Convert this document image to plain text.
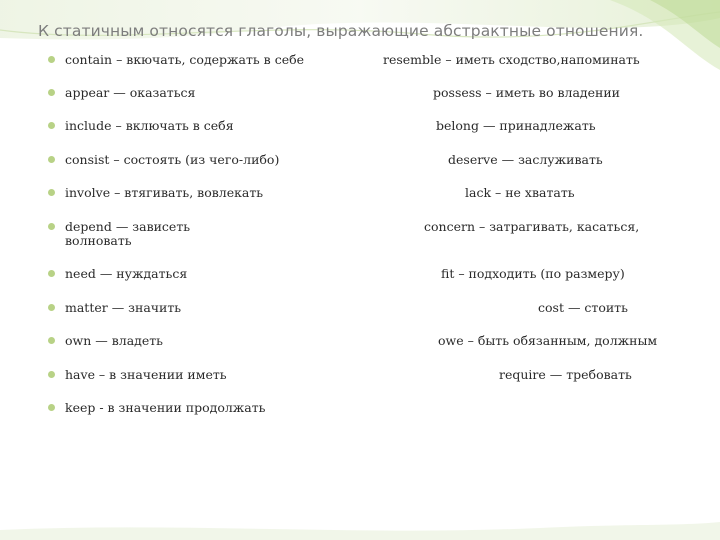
К статичным относятся глаголы, выражающие абстрактные отношения.
contain – вкючать, содержать в себе
appear — оказаться
include – включать в себя
consist – состоять (из чего-либо)
involve – втягивать, вовлекать
depend — зависеть волновать
need — нуждаться
matter — значить
own — владеть
have – в значении иметь
keep - в значении продолжать
resemble – иметь сходство,напоминать
possess – иметь во владении
belong — принадлежать
deserve — заслуживать
lack – не хватать
concern – затрагивать, касаться,
fit – подходить (по размеру)
cost — стоить
owe – быть обязанным, должным
require — требовать
